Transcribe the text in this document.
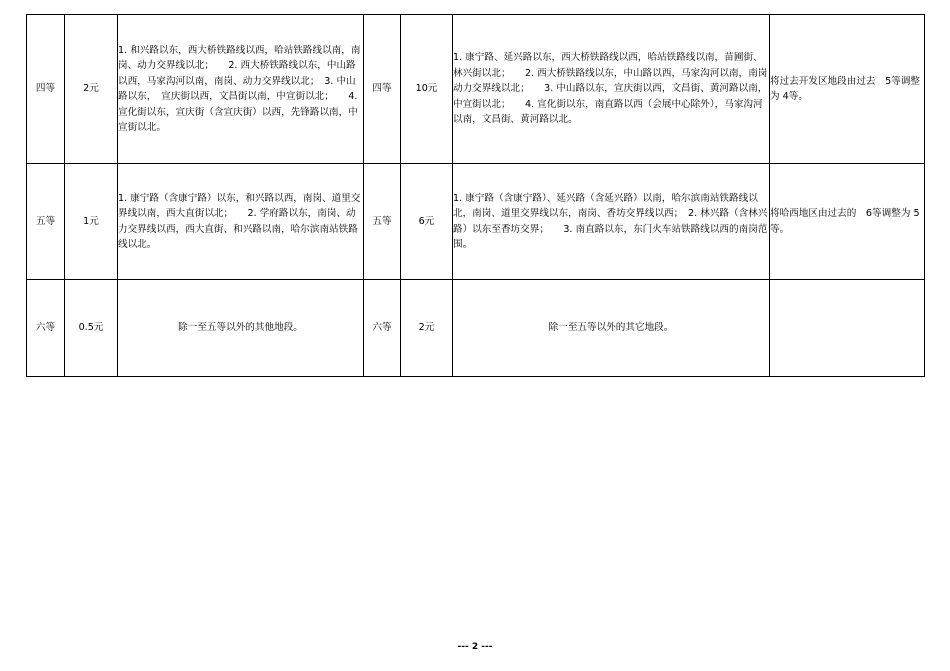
四等	2元	1. 和兴路以东，西大桥铁路线以西，哈站铁路线以南，南岗、动力交界线以北；　　2. 西大桥铁路线以东，中山路以西，马家沟河以南，南岗、动力交界线以北；　3. 中山路以东，　宣庆街以西，文昌街以南，中宣街以北；　　4. 宣化街以东，宣庆街（含宣庆街）以西，先锋路以南，中宣街以北。	四等	10元	1. 康宁路、延兴路以东，西大桥铁路线以西，哈站铁路线以南，苗圃街、林兴街以北；　　2. 西大桥铁路线以东，中山路以西，马家沟河以南，南岗动力交界线以北；　　3. 中山路以东，宣庆街以西，文昌街、黄河路以南，中宣街以北；　　4. 宣化街以东，南直路以西（会展中心除外），马家沟河以南，文昌街、黄河路以北。	将过去开发区地段由过去　5等调整为 4等。
五等	1元	1. 康宁路（含康宁路）以东，和兴路以西，南岗、道里交界线以南，西大直街以北；　　2. 学府路以东，南岗、动力交界线以西，西大直街、和兴路以南，哈尔滨南站铁路线以北。	五等	6元	1. 康宁路（含康宁路）、延兴路（含延兴路）以南，哈尔滨南站铁路线以北，南岗、道里交界线以东，南岗、香坊交界线以西；　2. 林兴路（含林兴路）以东至香坊交界；　　3. 南直路以东，东门火车站铁路线以西的南岗范围。	将哈西地区由过去的　6等调整为 5等。
六等	0.5元	除一至五等以外的其他地段。	六等	2元	除一至五等以外的其它地段。	
--- 2 ---
